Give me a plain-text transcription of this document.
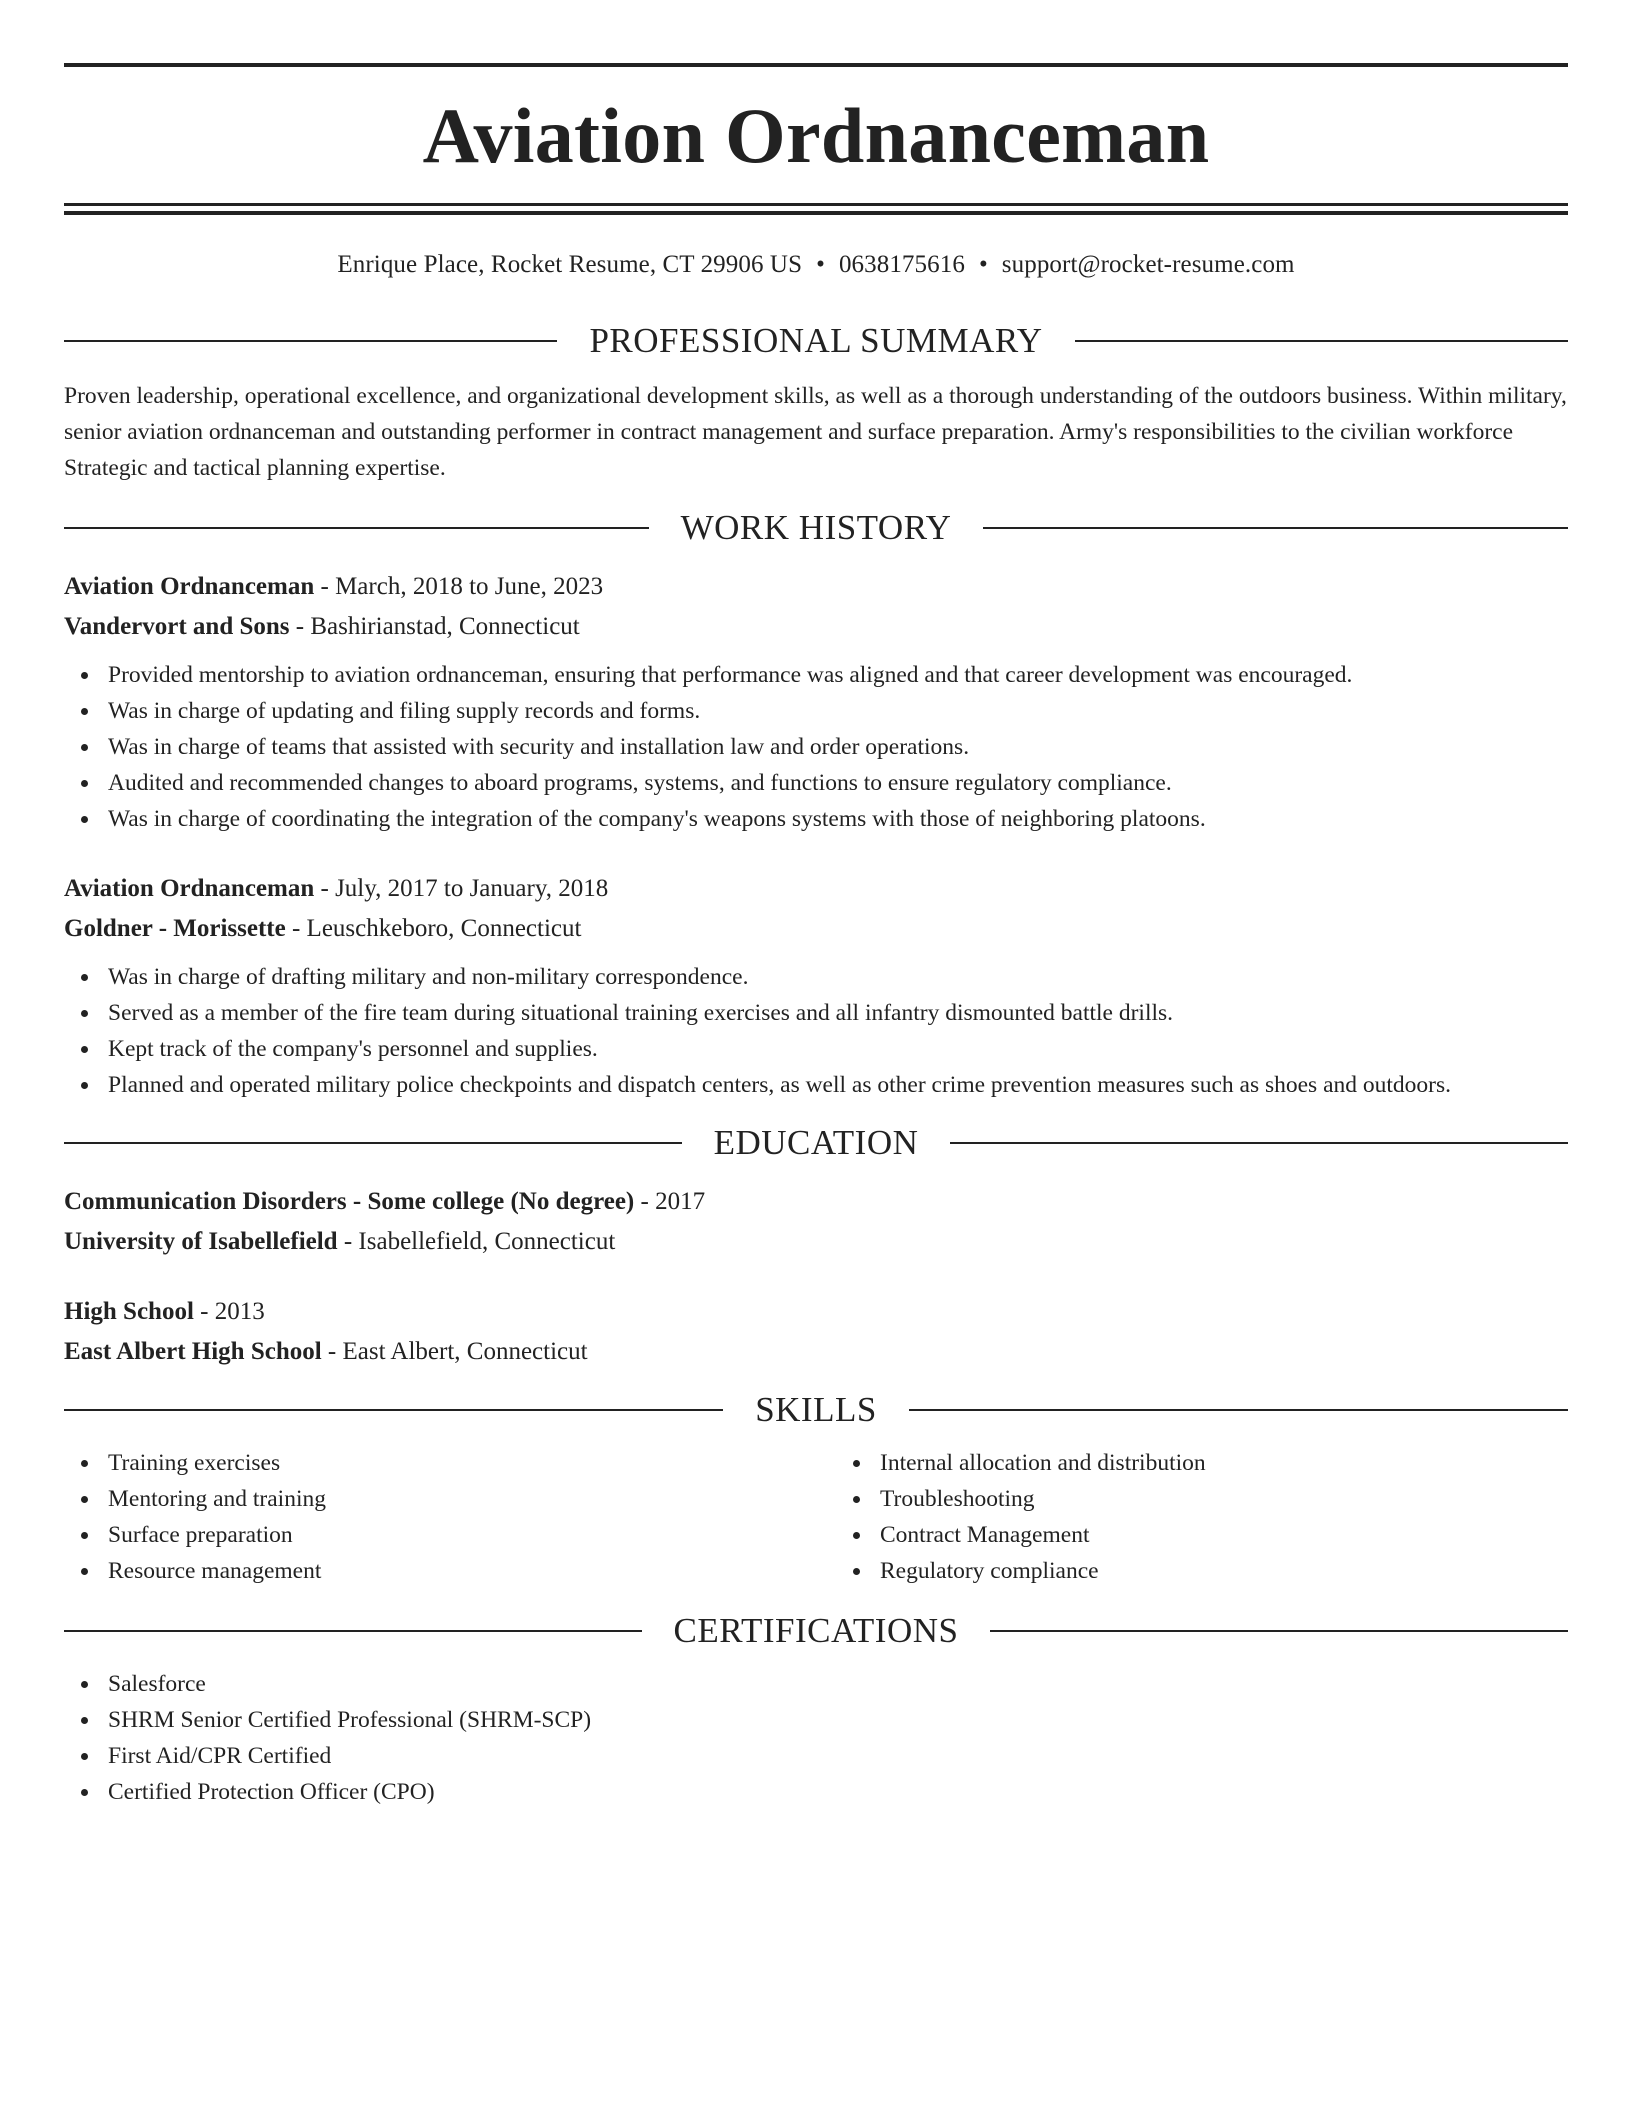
Aviation Ordnanceman
Enrique Place, Rocket Resume, CT 29906 US • 0638175616 • support@rocket-resume.com
PROFESSIONAL SUMMARY

Proven leadership, operational excellence, and organizational development skills, as well as a thorough understanding of the outdoors business. Within military, senior aviation ordnanceman and outstanding performer in contract management and surface preparation. Army's responsibilities to the civilian workforce Strategic and tactical planning expertise.

WORK HISTORY
Aviation Ordnanceman - March, 2018 to June, 2023
Vandervort and Sons - Bashirianstad, Connecticut
Provided mentorship to aviation ordnanceman, ensuring that performance was aligned and that career development was encouraged.
Was in charge of updating and filing supply records and forms.
Was in charge of teams that assisted with security and installation law and order operations.
Audited and recommended changes to aboard programs, systems, and functions to ensure regulatory compliance.
Was in charge of coordinating the integration of the company's weapons systems with those of neighboring platoons.
Aviation Ordnanceman - July, 2017 to January, 2018
Goldner - Morissette - Leuschkeboro, Connecticut
Was in charge of drafting military and non-military correspondence.
Served as a member of the fire team during situational training exercises and all infantry dismounted battle drills.
Kept track of the company's personnel and supplies.
Planned and operated military police checkpoints and dispatch centers, as well as other crime prevention measures such as shoes and outdoors.
EDUCATION
Communication Disorders - Some college (No degree) - 2017
University of Isabellefield - Isabellefield, Connecticut
High School - 2013
East Albert High School - East Albert, Connecticut
SKILLS
Training exercises
Mentoring and training
Surface preparation
Resource management
Internal allocation and distribution
Troubleshooting
Contract Management
Regulatory compliance
CERTIFICATIONS
Salesforce
SHRM Senior Certified Professional (SHRM-SCP)
First Aid/CPR Certified
Certified Protection Officer (CPO)
